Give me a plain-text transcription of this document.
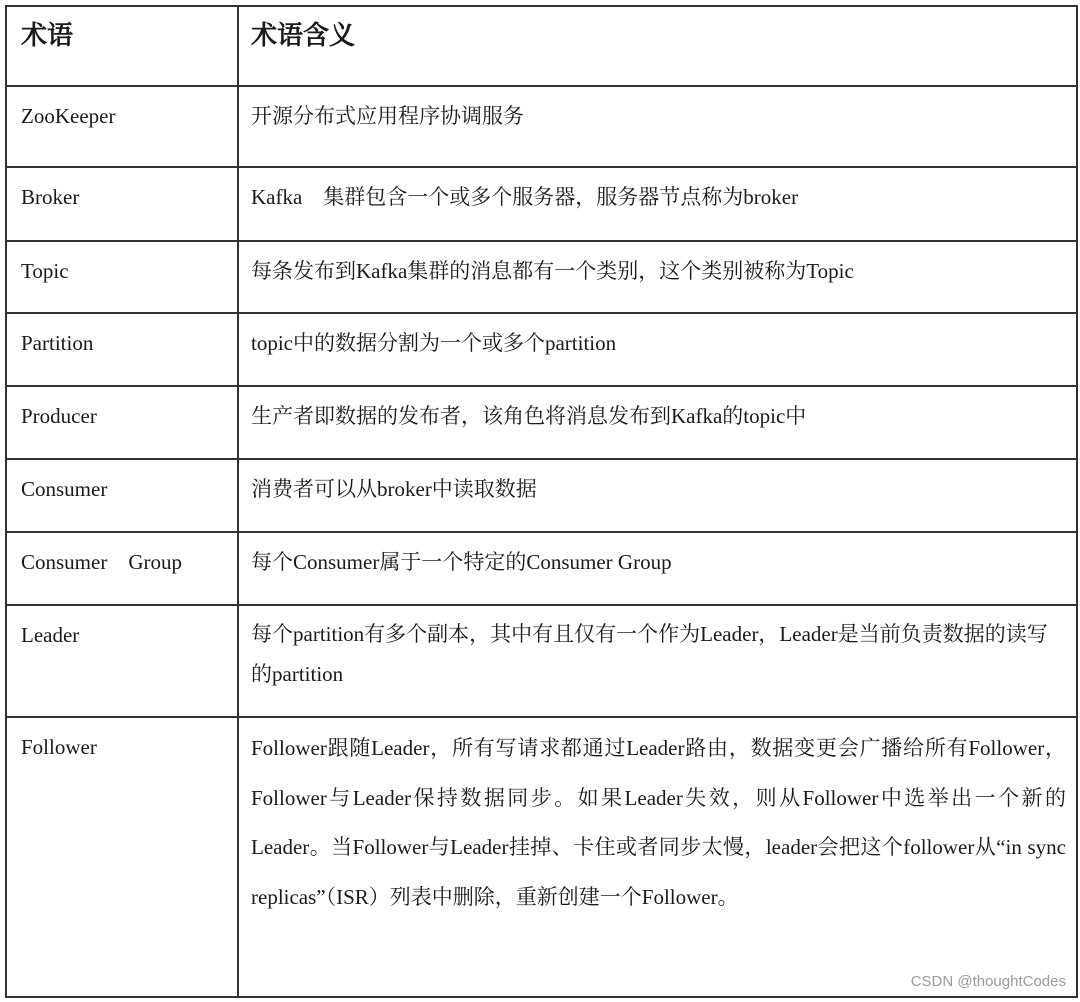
术语	术语含义
ZooKeeper	开源分布式应用程序协调服务
Broker	Kafka　集群包含一个或多个服务器，服务器节点称为broker
Topic	每条发布到Kafka集群的消息都有一个类别，这个类别被称为Topic
Partition	topic中的数据分割为一个或多个partition
Producer	生产者即数据的发布者，该角色将消息发布到Kafka的topic中
Consumer	消费者可以从broker中读取数据
Consumer　Group	每个Consumer属于一个特定的Consumer Group
Leader	每个partition有多个副本，其中有且仅有一个作为Leader，Leader是当前负责数据的读写的partition
Follower	Follower跟随Leader，所有写请求都通过Leader路由，数据变更会广播给所有Follower，Follower与Leader保持数据同步。如果Leader失效，则从Follower中选举出一个新的Leader。当Follower与Leader挂掉、卡住或者同步太慢，leader会把这个follower从“in sync replicas”（ISR）列表中删除，重新创建一个Follower。
CSDN @thoughtCodes
